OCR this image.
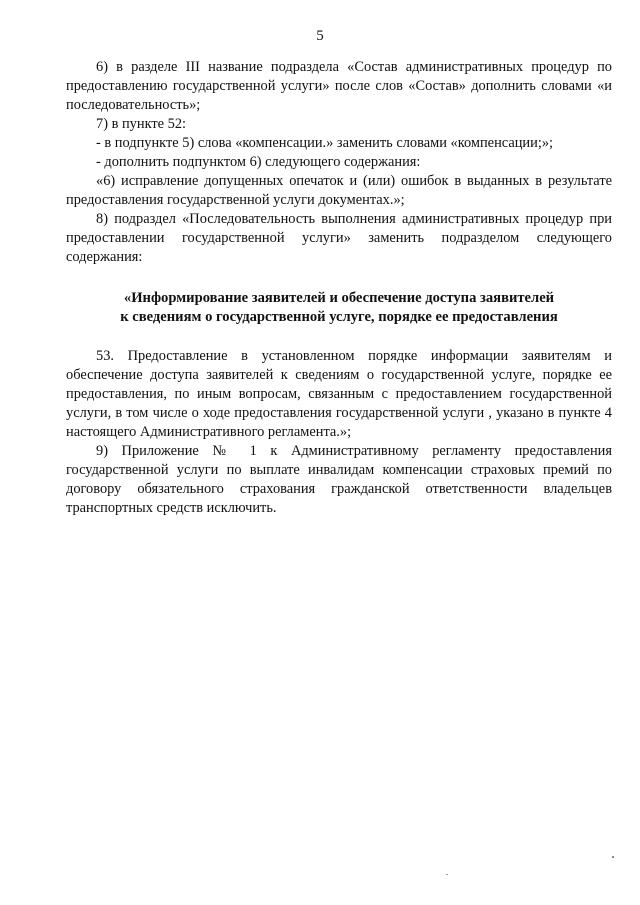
5

6) в разделе III название подраздела «Состав административных процедур по предоставлению государственной услуги» после слов «Состав» дополнить словами «и последовательность»;

7) в пункте 52:

- в подпункте 5) слова «компенсации.» заменить словами «компенсации;»;

- дополнить подпунктом 6) следующего содержания:

«6) исправление допущенных опечаток и (или) ошибок в выданных в результате предоставления государственной услуги документах.»;

8) подраздел «Последовательность выполнения административных процедур при предоставлении государственной услуги» заменить подразделом следующего содержания:

«Информирование заявителей и обеспечение доступа заявителей
к сведениям о государственной услуге, порядке ее предоставления

53. Предоставление в установленном порядке информации заявителям и обеспечение доступа заявителей к сведениям о государственной услуге, порядке ее предоставления, по иным вопросам, связанным с предоставлением государственной услуги, в том числе о ходе предоставления государственной услуги , указано в пункте 4 настоящего Административного регламента.»;

9) Приложение № 1 к Административному регламенту предоставления государственной услуги по выплате инвалидам компенсации страховых премий по договору обязательного страхования гражданской ответственности владельцев транспортных средств исключить.
